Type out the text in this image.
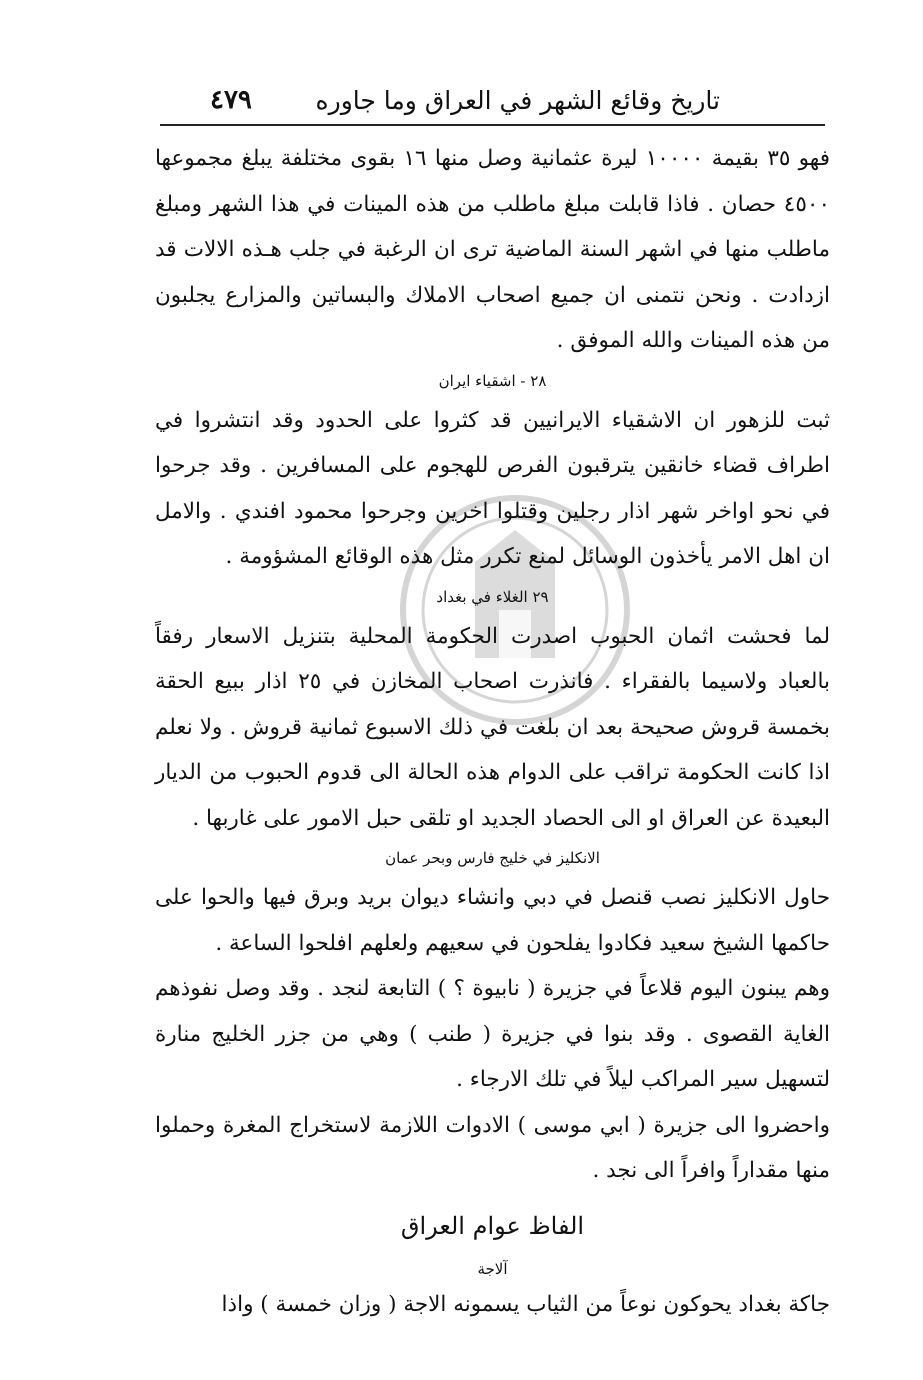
٤٧٩	تاريخ وقائع الشهر في العراق وما جاوره

فهو ٣٥ بقيمة ١٠٠٠٠ ليرة عثمانية وصل منها ١٦ بقوى مختلفة يبلغ مجموعها ٤٥٠٠ حصان . فاذا قابلت مبلغ ماطلب من هذه المينات في هذا الشهر ومبلغ ماطلب منها في اشهر السنة الماضية ترى ان الرغبة في جلب هـذه الالات قد ازدادت . ونحن نتمنى ان جميع اصحاب الاملاك والبساتين والمزارع يجلبون من هذه المينات والله الموفق .

٢٨ - اشقياء ايران

ثبت للزهور ان الاشقياء الايرانيين قد كثروا على الحدود وقد انتشروا في اطراف قضاء خانقين يترقبون الفرص للهجوم على المسافرين . وقد جرحوا في نحو اواخر شهر اذار رجلين وقتلوا اخرين وجرحوا محمود افندي . والامل ان اهل الامر يأخذون الوسائل لمنع تكرر مثل هذه الوقائع المشؤومة .

٢٩ الغلاء في بغداد

لما فحشت اثمان الحبوب اصدرت الحكومة المحلية بتنزيل الاسعار رفقاً بالعباد ولاسيما بالفقراء . فانذرت اصحاب المخازن في ٢٥ اذار ببيع الحقة بخمسة قروش صحيحة بعد ان بلغت في ذلك الاسبوع ثمانية قروش . ولا نعلم اذا كانت الحكومة تراقب على الدوام هذه الحالة الى قدوم الحبوب من الديار البعيدة عن العراق او الى الحصاد الجديد او تلقى حبل الامور على غاربها .

الانكليز في خليج فارس وبحر عمان

حاول الانكليز نصب قنصل في دبي وانشاء ديوان بريد وبرق فيها والحوا على حاكمها الشيخ سعيد فكادوا يفلحون في سعيهم ولعلهم افلحوا الساعة .

وهم يبنون اليوم قلاعاً في جزيرة ( نابيوة ؟ ) التابعة لنجد . وقد وصل نفوذهم الغاية القصوى . وقد بنوا في جزيرة ( طنب ) وهي من جزر الخليج منارة لتسهيل سير المراكب ليلاً في تلك الارجاء .

واحضروا الى جزيرة ( ابي موسى ) الادوات اللازمة لاستخراج المغرة وحملوا منها مقداراً وافراً الى نجد .

الفاظ عوام العراق
آلاجة

جاكة بغداد يحوكون نوعاً من الثياب يسمونه الاجة ( وزان خمسة ) واذا
